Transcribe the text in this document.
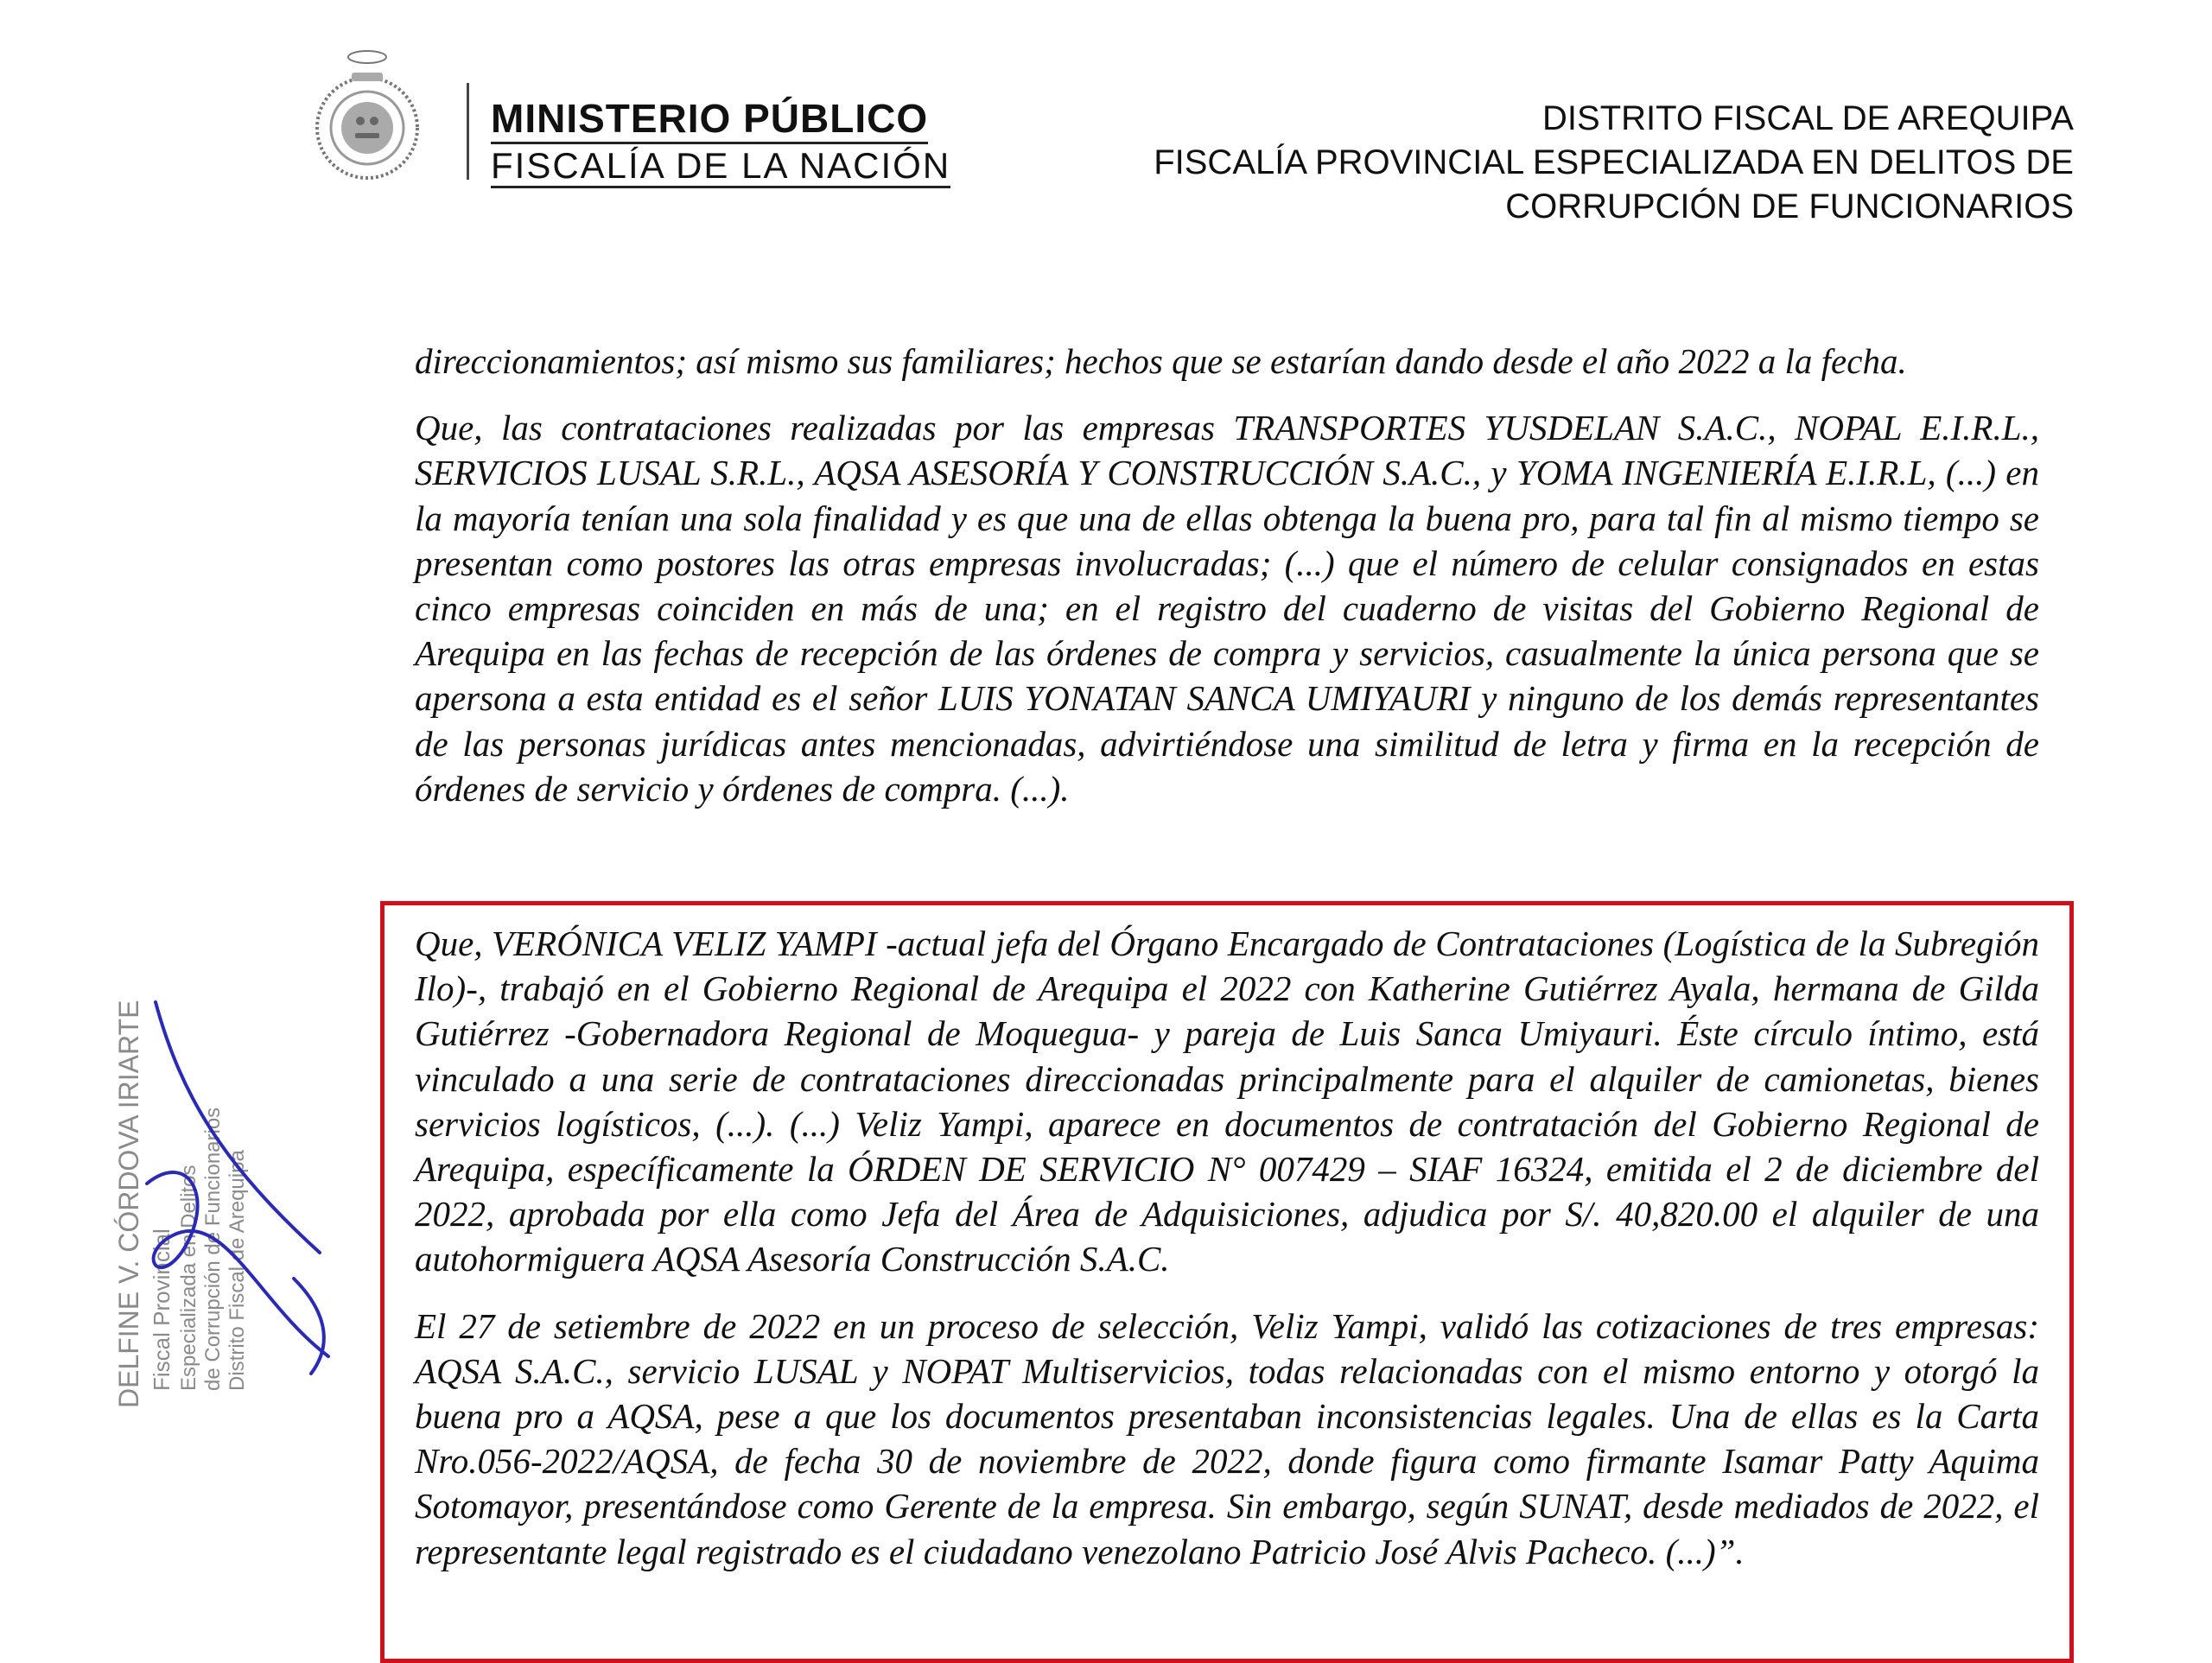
MINISTERIO PÚBLICO
FISCALÍA DE LA NACIÓN
DISTRITO FISCAL DE AREQUIPA
FISCALÍA PROVINCIAL ESPECIALIZADA EN DELITOS DE
CORRUPCIÓN DE FUNCIONARIOS

direccionamientos; así mismo sus familiares; hechos que se estarían dando desde el año 2022 a la fecha.

Que, las contrataciones realizadas por las empresas TRANSPORTES YUSDELAN S.A.C., NOPAL E.I.R.L., SERVICIOS LUSAL S.R.L., AQSA ASESORÍA Y CONSTRUCCIÓN S.A.C., y YOMA INGENIERÍA E.I.R.L, (...) en la mayoría tenían una sola finalidad y es que una de ellas obtenga la buena pro, para tal fin al mismo tiempo se presentan como postores las otras empresas involucradas; (...) que el número de celular consignados en estas cinco empresas coinciden en más de una; en el registro del cuaderno de visitas del Gobierno Regional de Arequipa en las fechas de recepción de las órdenes de compra y servicios, casualmente la única persona que se apersona a esta entidad es el señor LUIS YONATAN SANCA UMIYAURI y ninguno de los demás representantes de las personas jurídicas antes mencionadas, advirtiéndose una similitud de letra y firma en la recepción de órdenes de servicio y órdenes de compra. (...).

Que, VERÓNICA VELIZ YAMPI -actual jefa del Órgano Encargado de Contrataciones (Logística de la Subregión Ilo)-, trabajó en el Gobierno Regional de Arequipa el 2022 con Katherine Gutiérrez Ayala, hermana de Gilda Gutiérrez -Gobernadora Regional de Moquegua- y pareja de Luis Sanca Umiyauri. Éste círculo íntimo, está vinculado a una serie de contrataciones direccionadas principalmente para el alquiler de camionetas, bienes servicios logísticos, (...). (...) Veliz Yampi, aparece en documentos de contratación del Gobierno Regional de Arequipa, específicamente la ÓRDEN DE SERVICIO N° 007429 – SIAF 16324, emitida el 2 de diciembre del 2022, aprobada por ella como Jefa del Área de Adquisiciones, adjudica por S/. 40,820.00 el alquiler de una autohormiguera AQSA Asesoría Construcción S.A.C.

El 27 de setiembre de 2022 en un proceso de selección, Veliz Yampi, validó las cotizaciones de tres empresas: AQSA S.A.C., servicio LUSAL y NOPAT Multiservicios, todas relacionadas con el mismo entorno y otorgó la buena pro a AQSA, pese a que los documentos presentaban inconsistencias legales. Una de ellas es la Carta Nro.056-2022/AQSA, de fecha 30 de noviembre de 2022, donde figura como firmante Isamar Patty Aquima Sotomayor, presentándose como Gerente de la empresa. Sin embargo, según SUNAT, desde mediados de 2022, el representante legal registrado es el ciudadano venezolano Patricio José Alvis Pacheco. (...)”.

DELFINE V. CÓRDOVA IRIARTE Fiscal Provincial Especializada en Delitos de Corrupción de Funcionarios Distrito Fiscal de Arequipa
